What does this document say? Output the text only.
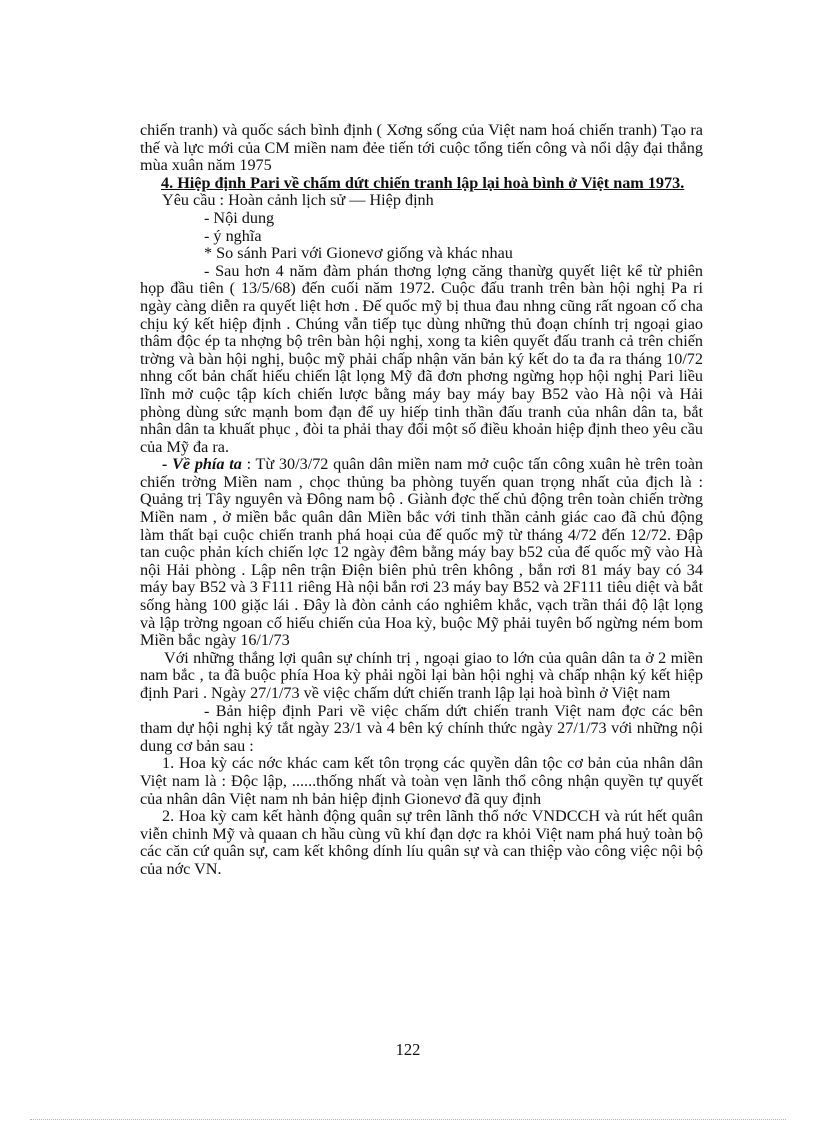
chiến tranh) và quốc sách bình định ( Xơng sống của Việt nam hoá chiến tranh) Tạo ra thế và lực mới của CM miền nam đẻe tiến tới cuộc tổng tiến công và nổi dậy đại thắng mùa xuân năm 1975

4. Hiệp định Pari về chấm dứt chiến tranh lập lại hoà bình ở Việt nam 1973.

Yêu cầu : Hoàn cảnh lịch sử — Hiệp định

- Nội dung

- ý nghĩa

* So sánh Pari với Gionevơ giống và khác nhau

- Sau hơn 4 năm đàm phán thơng lợng căng thanừg quyết liệt kể từ phiên họp đầu tiên ( 13/5/68) đến cuối năm 1972. Cuộc đấu tranh trên bàn hội nghị Pa ri ngày càng diễn ra quyết liệt hơn . Đế quốc mỹ bị thua đau nhng cũng rất ngoan cố cha chịu ký kết hiệp định . Chúng vẫn tiếp tục dùng những thủ đoạn chính trị ngoại giao thâm độc ép ta nhợng bộ trên bàn hội nghị, xong ta kiên quyết đấu tranh cả trên chiến trờng và bàn hội nghị, buộc mỹ phải chấp nhận văn bản ký kết do ta đa ra tháng 10/72 nhng cốt bản chất hiếu chiến lật lọng Mỹ đã đơn phơng ngừng họp hội nghị Pari liều lĩnh mở cuộc tập kích chiến lược bằng máy bay máy bay B52 vào Hà nội và Hải phòng dùng sức mạnh bom đạn để uy hiếp tinh thần đấu tranh của nhân dân ta, bắt nhân dân ta khuất phục , đòi ta phải thay đổi một số điều khoản hiệp định theo yêu cầu của Mỹ đa ra.

- Về phía ta : Từ 30/3/72 quân dân miền nam mở cuộc tấn công xuân hè trên toàn chiến trờng Miền nam , chọc thủng ba phòng tuyến quan trọng nhất của địch là : Quảng trị Tây nguyên và Đông nam bộ . Giành đợc thế chủ động trên toàn chiến trờng Miền nam , ở miền bắc quân dân Miền bắc với tinh thần cảnh giác cao đã chủ động làm thất bại cuộc chiến tranh phá hoại của đế quốc mỹ từ tháng 4/72 đến 12/72. Đập tan cuộc phản kích chiến lợc 12 ngày đêm bằng máy bay b52 của đế quốc mỹ vào Hà nội Hải phòng . Lập nên trận Điện biên phủ trên không , bắn rơi 81 máy bay có 34 máy bay B52 và 3 F111 riêng Hà nội bắn rơi 23 máy bay B52 và 2F111 tiêu diệt và bắt sống hàng 100 giặc lái . Đây là đòn cảnh cáo nghiêm khắc, vạch trần thái độ lật lọng và lập trờng ngoan cố hiếu chiến của Hoa kỳ, buộc Mỹ phải tuyên bố ngừng ném bom Miền bắc ngày 16/1/73

Với những thắng lợi quân sự chính trị , ngoại giao to lớn của quân dân ta ở 2 miền nam bắc , ta đã buộc phía Hoa kỳ phải ngồi lại bàn hội nghị và chấp nhận ký kết hiệp định Pari . Ngày 27/1/73 về việc chấm dứt chiến tranh lập lại hoà bình ở Việt nam

- Bản hiệp định Pari về việc chấm dứt chiến tranh Việt nam đợc các bên tham dự hội nghị ký tắt ngày 23/1 và 4 bên ký chính thức ngày 27/1/73 với những nội dung cơ bản sau :

1. Hoa kỳ các nớc khác cam kết tôn trọng các quyền dân tộc cơ bản của nhân dân Việt nam là : Độc lập, ......thống nhất và toàn vẹn lãnh thổ công nhận quyền tự quyết của nhân dân Việt nam nh bản hiệp định Gionevơ đã quy định

2. Hoa kỳ cam kết hành động quân sự trên lãnh thổ nớc VNDCCH và rút hết quân viễn chinh Mỹ và quaan ch hầu cùng vũ khí đạn dợc ra khỏi Việt nam phá huỷ toàn bộ các căn cứ quân sự, cam kết không dính líu quân sự và can thiệp vào công việc nội bộ của nớc VN.

122
